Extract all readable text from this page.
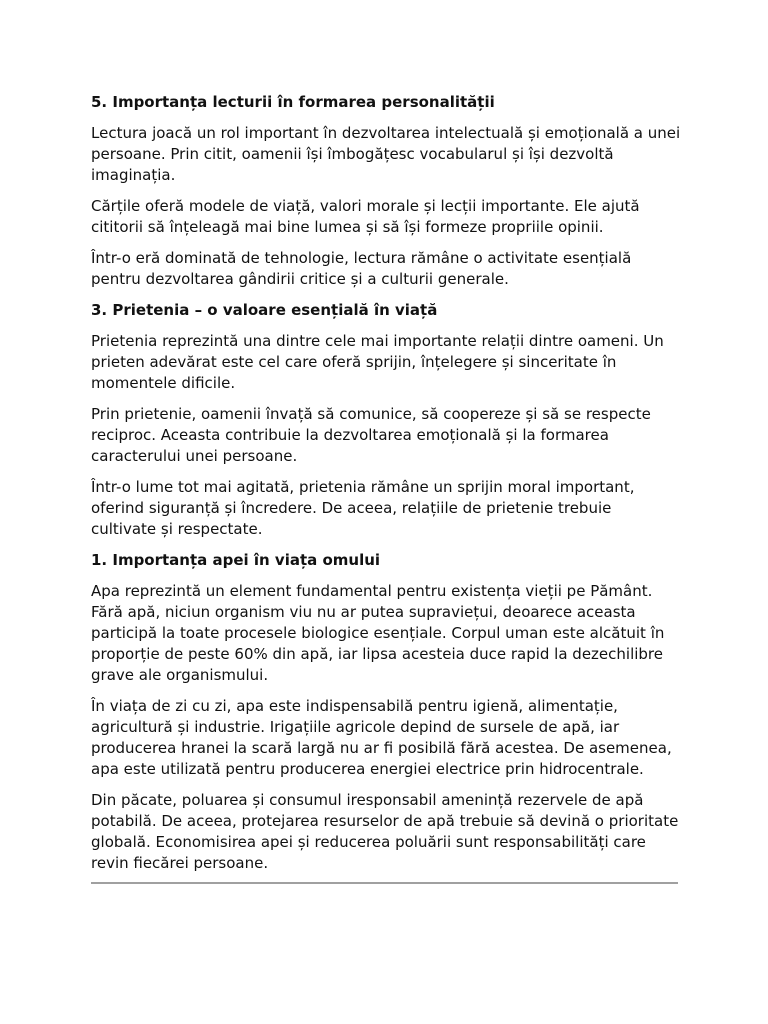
5. Importanța lecturii în formarea personalității

Lectura joacă un rol important în dezvoltarea intelectuală și emoțională a unei persoane. Prin citit, oamenii își îmbogățesc vocabularul și își dezvoltă imaginația.

Cărțile oferă modele de viață, valori morale și lecții importante. Ele ajută cititorii să înțeleagă mai bine lumea și să își formeze propriile opinii.

Într-o eră dominată de tehnologie, lectura rămâne o activitate esențială pentru dezvoltarea gândirii critice și a culturii generale.

3. Prietenia – o valoare esențială în viață

Prietenia reprezintă una dintre cele mai importante relații dintre oameni. Un prieten adevărat este cel care oferă sprijin, înțelegere și sinceritate în momentele dificile.

Prin prietenie, oamenii învață să comunice, să coopereze și să se respecte reciproc. Aceasta contribuie la dezvoltarea emoțională și la formarea caracterului unei persoane.

Într-o lume tot mai agitată, prietenia rămâne un sprijin moral important, oferind siguranță și încredere. De aceea, relațiile de prietenie trebuie cultivate și respectate.

1. Importanța apei în viața omului

Apa reprezintă un element fundamental pentru existența vieții pe Pământ. Fără apă, niciun organism viu nu ar putea supraviețui, deoarece aceasta participă la toate procesele biologice esențiale. Corpul uman este alcătuit în proporție de peste 60% din apă, iar lipsa acesteia duce rapid la dezechilibre grave ale organismului.

În viața de zi cu zi, apa este indispensabilă pentru igienă, alimentație, agricultură și industrie. Irigațiile agricole depind de sursele de apă, iar producerea hranei la scară largă nu ar fi posibilă fără acestea. De asemenea, apa este utilizată pentru producerea energiei electrice prin hidrocentrale.

Din păcate, poluarea și consumul iresponsabil amenință rezervele de apă potabilă. De aceea, protejarea resurselor de apă trebuie să devină o prioritate globală. Economisirea apei și reducerea poluării sunt responsabilități care revin fiecărei persoane.
